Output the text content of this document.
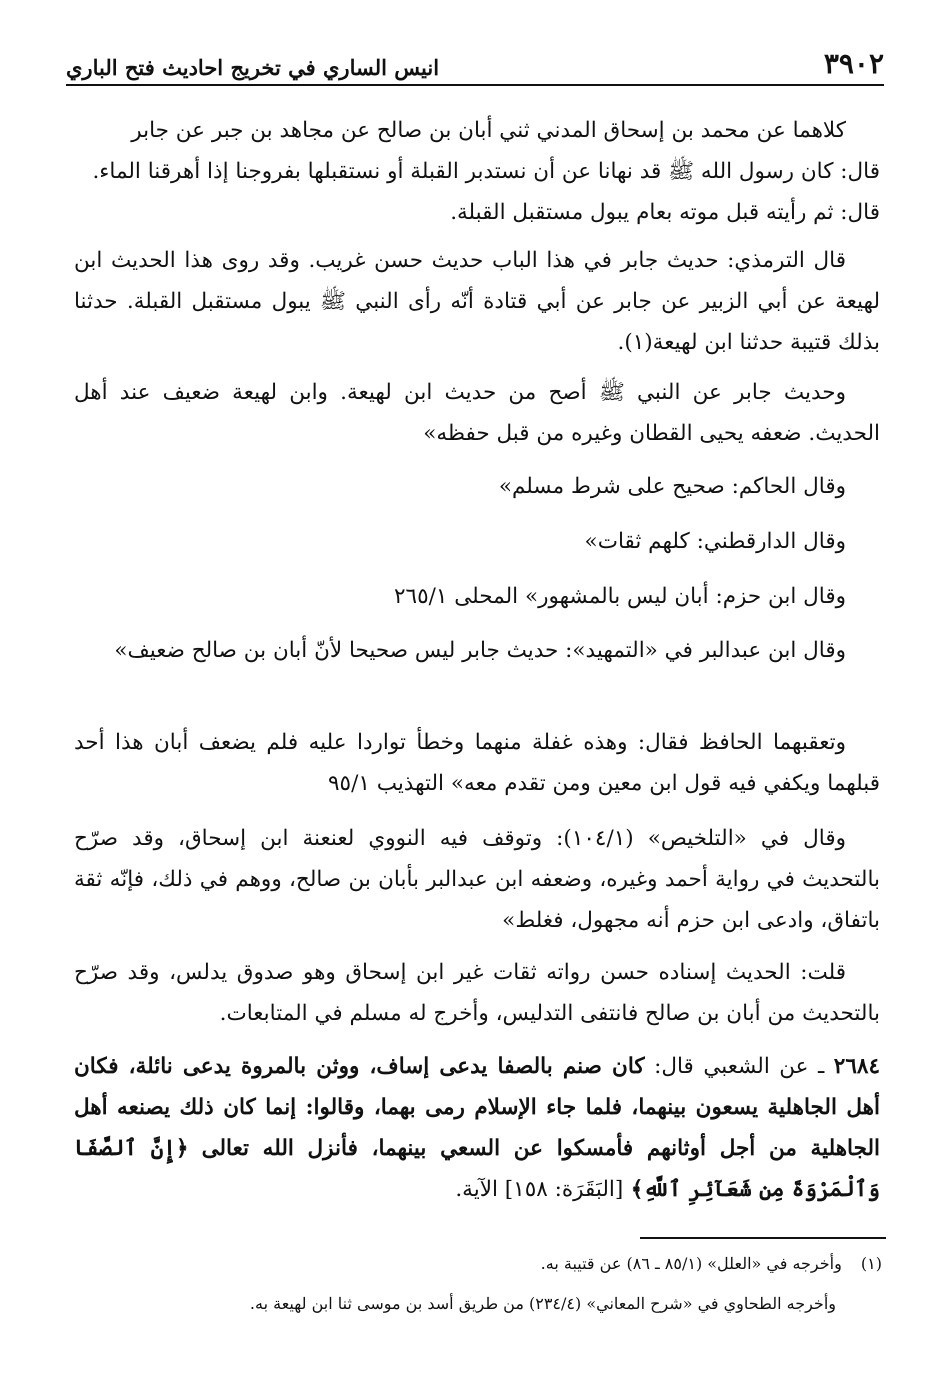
٣٩٠٢
انيس الساري في تخريج احاديث فتح الباري

كلاهما عن محمد بن إسحاق المدني ثني أبان بن صالح عن مجاهد بن جبر عن جابر

قال: كان رسول الله ﷺ قد نهانا عن أن نستدبر القبلة أو نستقبلها بفروجنا إذا أهرقنا الماء.

قال: ثم رأيته قبل موته بعام يبول مستقبل القبلة.

قال الترمذي: حديث جابر في هذا الباب حديث حسن غريب. وقد روى هذا الحديث ابن لهيعة عن أبي الزبير عن جابر عن أبي قتادة أنّه رأى النبي ﷺ يبول مستقبل القبلة. حدثنا بذلك قتيبة حدثنا ابن لهيعة(١).

وحديث جابر عن النبي ﷺ أصح من حديث ابن لهيعة. وابن لهيعة ضعيف عند أهل الحديث. ضعفه يحيى القطان وغيره من قبل حفظه»

وقال الحاكم: صحيح على شرط مسلم»

وقال الدارقطني: كلهم ثقات»

وقال ابن حزم: أبان ليس بالمشهور» المحلى ٢٦٥/١

وقال ابن عبدالبر في «التمهيد»: حديث جابر ليس صحيحا لأنّ أبان بن صالح ضعيف»

وتعقبهما الحافظ فقال: وهذه غفلة منهما وخطأ تواردا عليه فلم يضعف أبان هذا أحد قبلهما ويكفي فيه قول ابن معين ومن تقدم معه» التهذيب ٩٥/١

وقال في «التلخيص» (١٠٤/١): وتوقف فيه النووي لعنعنة ابن إسحاق، وقد صرّح بالتحديث في رواية أحمد وغيره، وضعفه ابن عبدالبر بأبان بن صالح، ووهم في ذلك، فإنّه ثقة باتفاق، وادعى ابن حزم أنه مجهول، فغلط»

قلت: الحديث إسناده حسن رواته ثقات غير ابن إسحاق وهو صدوق يدلس، وقد صرّح بالتحديث من أبان بن صالح فانتفى التدليس، وأخرج له مسلم في المتابعات.

٢٦٨٤ ـ عن الشعبي قال: كان صنم بالصفا يدعى إساف، ووثن بالمروة يدعى نائلة، فكان أهل الجاهلية يسعون بينهما، فلما جاء الإسلام رمى بهما، وقالوا: إنما كان ذلك يصنعه أهل الجاهلية من أجل أوثانهم فأمسكوا عن السعي بينهما، فأنزل الله تعالى ﴿إِنَّ ٱلصَّفَا وَٱلْمَرْوَةَ مِن شَعَآئِرِ ٱللَّهِ﴾ [البَقَرَة: ١٥٨] الآية.

(١) وأخرجه في «العلل» (٨٥/١ ـ ٨٦) عن قتيبة به.

وأخرجه الطحاوي في «شرح المعاني» (٢٣٤/٤) من طريق أسد بن موسى ثنا ابن لهيعة به.
